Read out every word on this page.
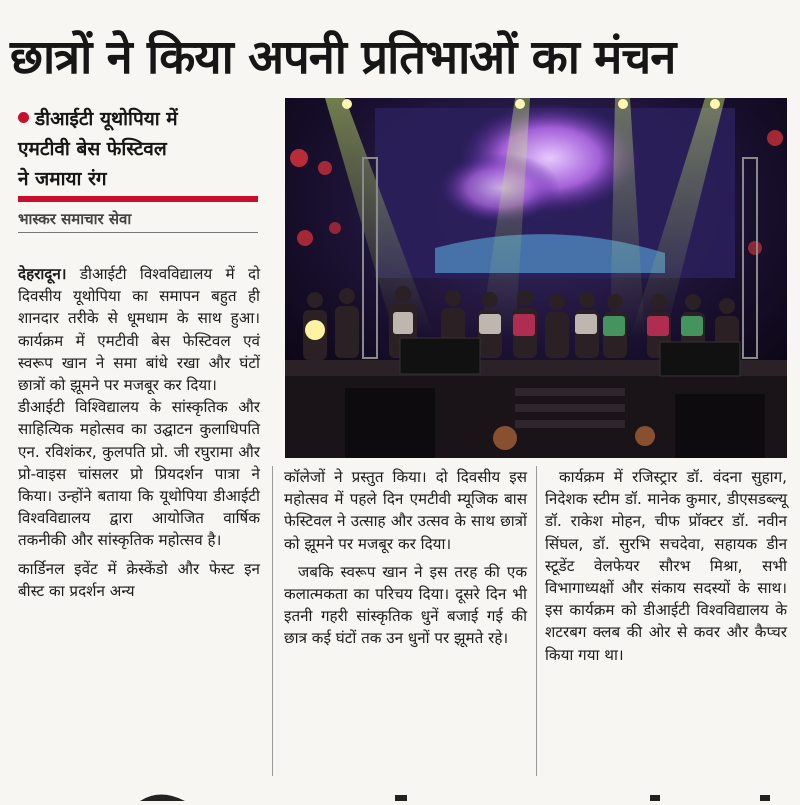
छात्रों ने किया अपनी प्रतिभाओं का मंचन
डीआईटी यूथोपिया में
एमटीवी बेस फेस्टिवल
ने जमाया रंग
भास्कर समाचार सेवा

देहरादून। डीआईटी विश्वविद्यालय में दो दिवसीय यूथोपिया का समापन बहुत ही शानदार तरीके से धूमधाम के साथ हुआ। कार्यक्रम में एमटीवी बेस फेस्टिवल एवं स्वरूप खान ने समा बांधे रखा और घंटों छात्रों को झूमने पर मजबूर कर दिया।

डीआईटी विश्विद्यालय के सांस्कृतिक और साहित्यिक महोत्सव का उद्घाटन कुलाधिपति एन. रविशंकर, कुलपति प्रो. जी रघुरामा और प्रो-वाइस चांसलर प्रो प्रियदर्शन पात्रा ने किया। उन्होंने बताया कि यूथोपिया डीआईटी विश्वविद्यालय द्वारा आयोजित वार्षिक तकनीकी और सांस्कृतिक महोत्सव है।

कार्डिनल इवेंट में क्रेस्केंडो और फेस्ट इन बीस्ट का प्रदर्शन अन्य

कॉलेजों ने प्रस्तुत किया। दो दिवसीय इस महोत्सव में पहले दिन एमटीवी म्यूजिक बास फेस्टिवल ने उत्साह और उत्सव के साथ छात्रों को झूमने पर मजबूर कर दिया।

जबकि स्वरूप खान ने इस तरह की एक कलात्मकता का परिचय दिया। दूसरे दिन भी इतनी गहरी सांस्कृतिक धुनें बजाई गई की छात्र कई घंटों तक उन धुनों पर झूमते रहे।

कार्यक्रम में रजिस्ट्रार डॉ. वंदना सुहाग, निदेशक स्टीम डॉ. मानेक कुमार, डीएसडब्ल्यू डॉ. राकेश मोहन, चीफ प्रॉक्टर डॉ. नवीन सिंघल, डॉ. सुरभि सचदेवा, सहायक डीन स्टूडेंट वेलफेयर सौरभ मिश्रा, सभी विभागाध्यक्षों और संकाय सदस्यों के साथ। इस कार्यक्रम को डीआईटी विश्वविद्यालय के शटरबग क्लब की ओर से कवर और कैप्चर किया गया था।
